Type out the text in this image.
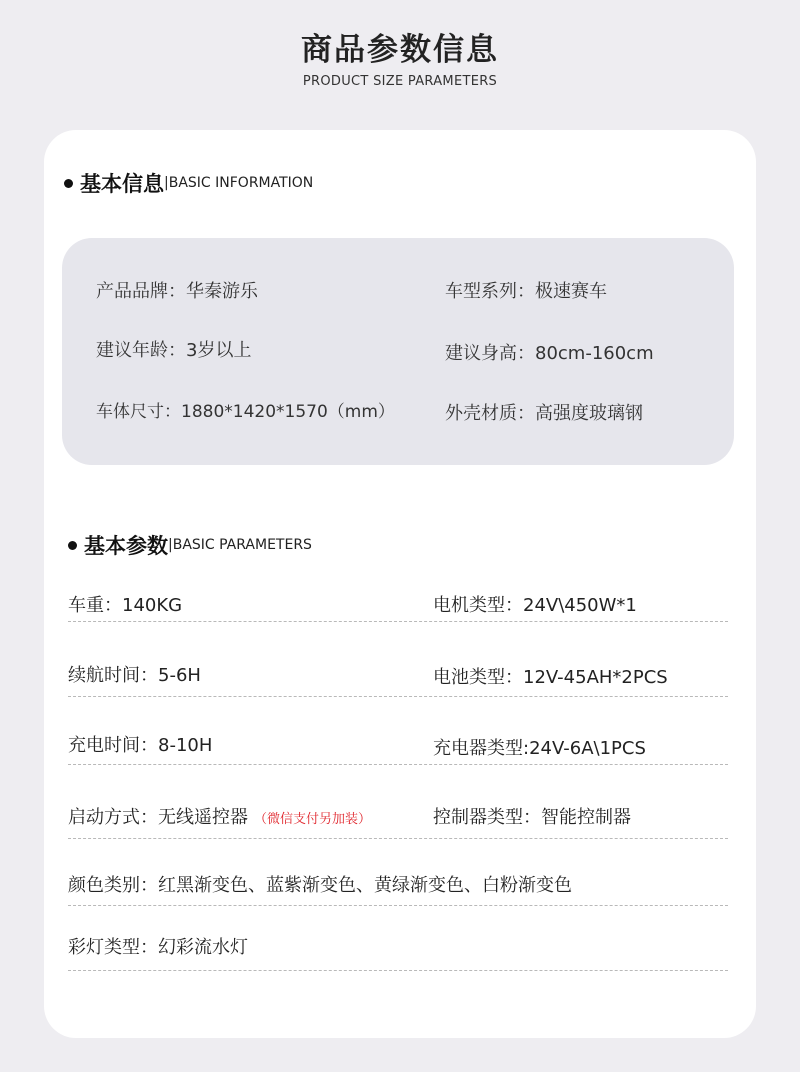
商品参数信息
PRODUCT SIZE PARAMETERS
基本信息 |BASIC INFORMATION
产品品牌：华秦游乐	车型系列：极速赛车
建议年龄：3岁以上	建议身高：80cm-160cm
车体尺寸：1880*1420*1570（mm）	外壳材质：高强度玻璃钢
基本参数 |BASIC PARAMETERS
车重：140KG	电机类型：24V\450W*1
续航时间：5-6H	电池类型：12V-45AH*2PCS
充电时间：8-10H	充电器类型:24V-6A\1PCS
启动方式：无线遥控器 （微信支付另加装）	控制器类型：智能控制器
颜色类别：红黑渐变色、蓝紫渐变色、黄绿渐变色、白粉渐变色
彩灯类型：幻彩流水灯
